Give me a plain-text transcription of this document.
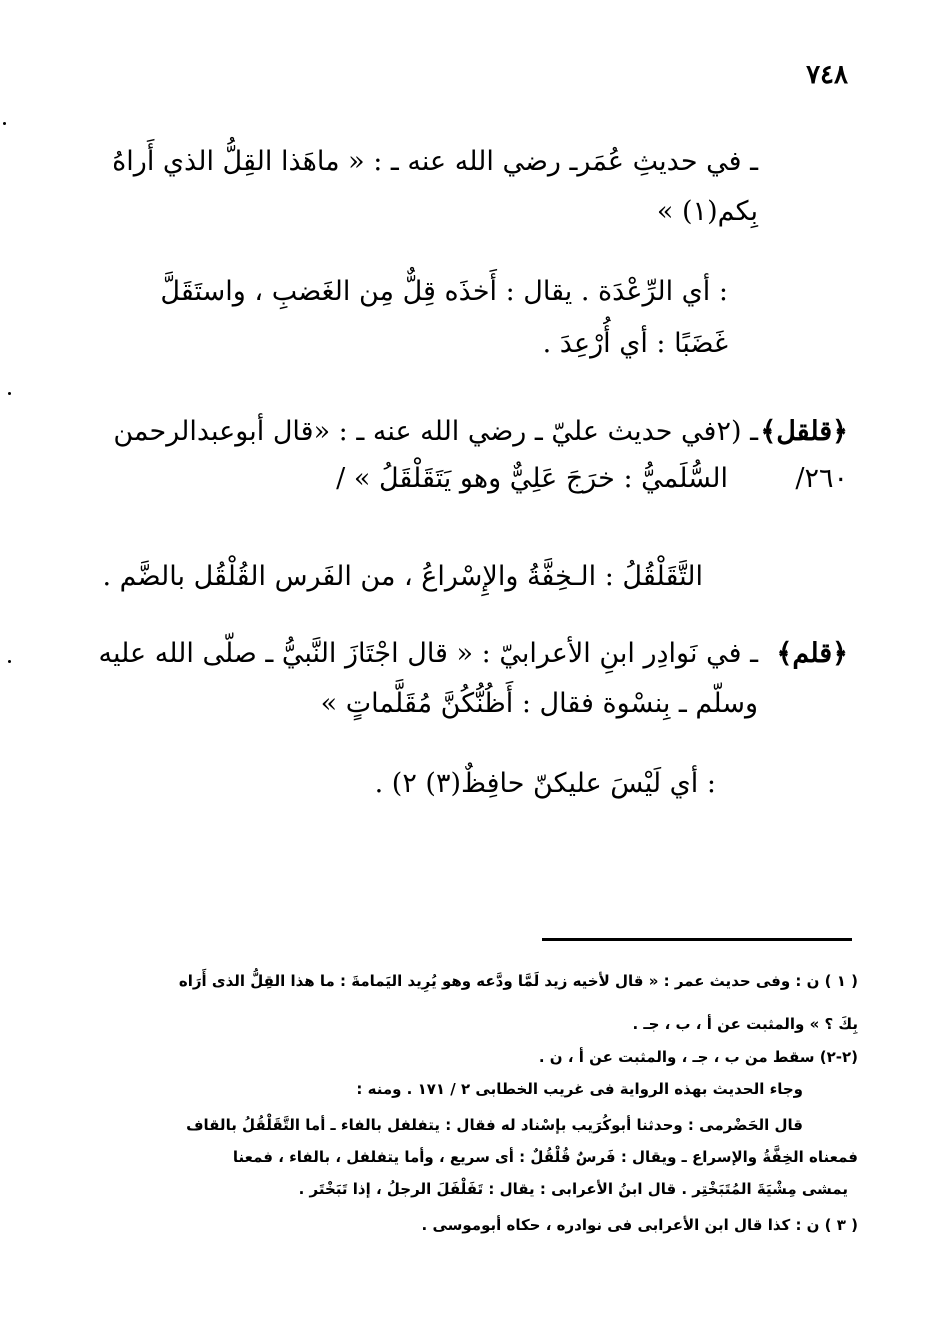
٧٤٨
ـ في حديثِ عُمَرـ رضي الله عنه ـ : « ماهَذا القِلُّ الذي أَراهُ
بِكم(١) »
: أي الرِّعْدَة . يقال : أَخذَه قِلٌّ مِن الغَضبِ ، واستَقَلَّ
غَضَبًا : أي أُرْعِدَ .
﴿قلقل﴾
ـ (٢في حديث عليّ ـ رضي الله عنه ـ : «قال أبوعبدالرحمن
٢٦٠/
السُّلَميُّ : خرَجَ عَلِيٌّ وهو يَتَقَلْقَلُ » /
التَّقَلْقُلُ : الـخِفَّةُ والإِسْراعُ ، من الفَرس القُلْقُل بالضَّم .
﴿قلم﴾
ـ في نَوادِر ابنِ الأعرابيّ : « قال اجْتَازَ النَّبيُّ ـ صلّى الله عليه
وسلّم ـ بِنسْوة فقال : أَظُنُّكُنَّ مُقَلَّماتٍ »
: أي لَيْسَ عليكنّ حافِظٌ(٣) ٢) .
( ١ ) ن : وفى حديث عمر : « قال لأخيه زيد لَمَّا ودَّعه وهو يُرِيد اليَمامةَ : ما هذا القِلُّ الذى أَرَاه
بِكَ ؟ » والمثبت عن أ ، ب ، جـ .
(٢-٢) سقط من ب ، جـ ، والمثبت عن أ ، ن .
وجاء الحديث بهذه الرواية فى غريب الخطابى ٢ / ١٧١ . ومنه :
قال الحَضْرمى : وحدثنا أبوكُرَيب بإسْناد له فقال : يتفلفل بالفاء ـ أما التَّقَلْقُلُ بالقاف
فمعناه الخِفَّةُ والإسراع ـ ويقال : فَرسٌ قُلْقُلٌ : أى سريع ، وأما يتفلفل ، بالفاء ، فمعنا
يمشى مِشْيَةَ المُتَبَخْتِر . قال ابنُ الأعرابى : يقال : تَفَلْفَلَ الرجلُ ، إذا تَبَخْتَر .
( ٣ ) ن : كذا قال ابن الأعرابى فى نوادره ، حكاه أبوموسى .
